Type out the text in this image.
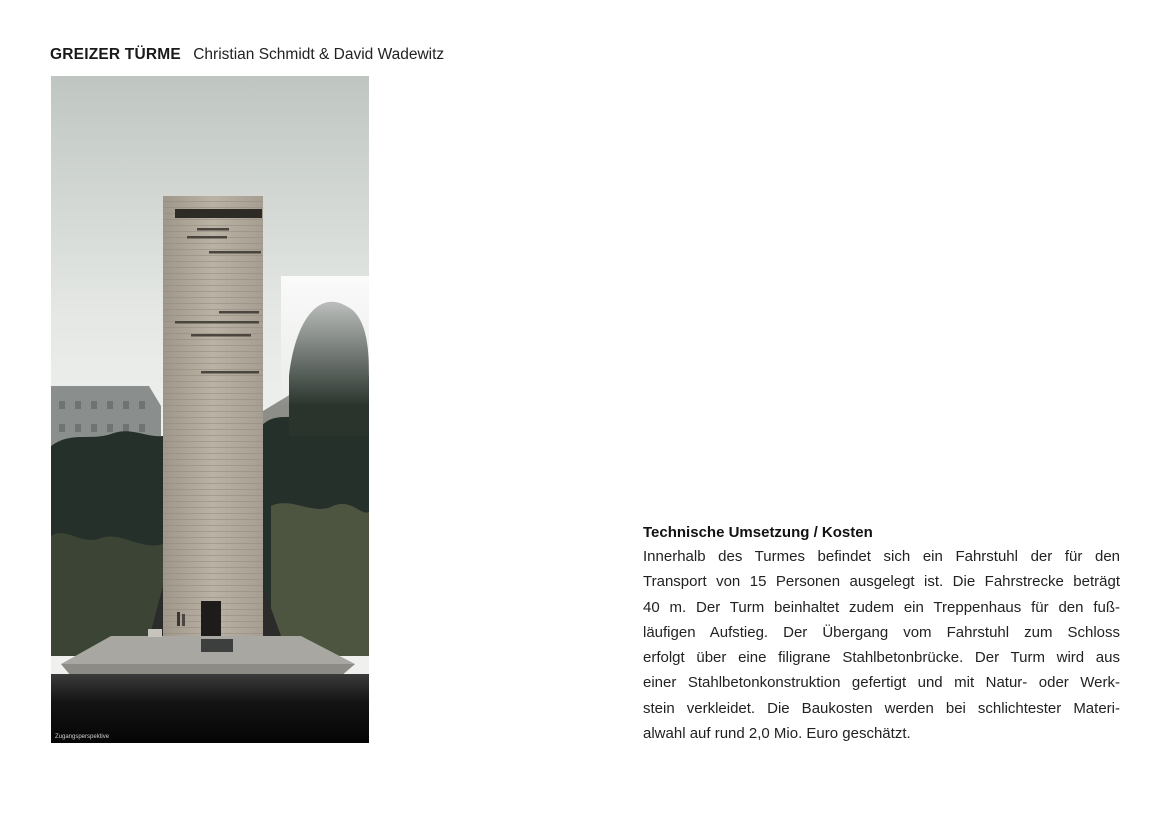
GREIZER TÜRME Christian Schmidt & David Wadewitz
Zugangsperspektive
Technische Umsetzung / Kosten
Innerhalb des Turmes befindet sich ein Fahrstuhl der für den
Transport von 15 Personen ausgelegt ist. Die Fahrstrecke beträgt
40 m. Der Turm beinhaltet zudem ein Treppenhaus für den fuß-
läufigen Aufstieg. Der Übergang vom Fahrstuhl zum Schloss
erfolgt über eine filigrane Stahlbetonbrücke. Der Turm wird aus
einer Stahlbetonkonstruktion gefertigt und mit Natur- oder Werk-
stein verkleidet. Die Baukosten werden bei schlichtester Materi-
alwahl auf rund 2,0 Mio. Euro geschätzt.
